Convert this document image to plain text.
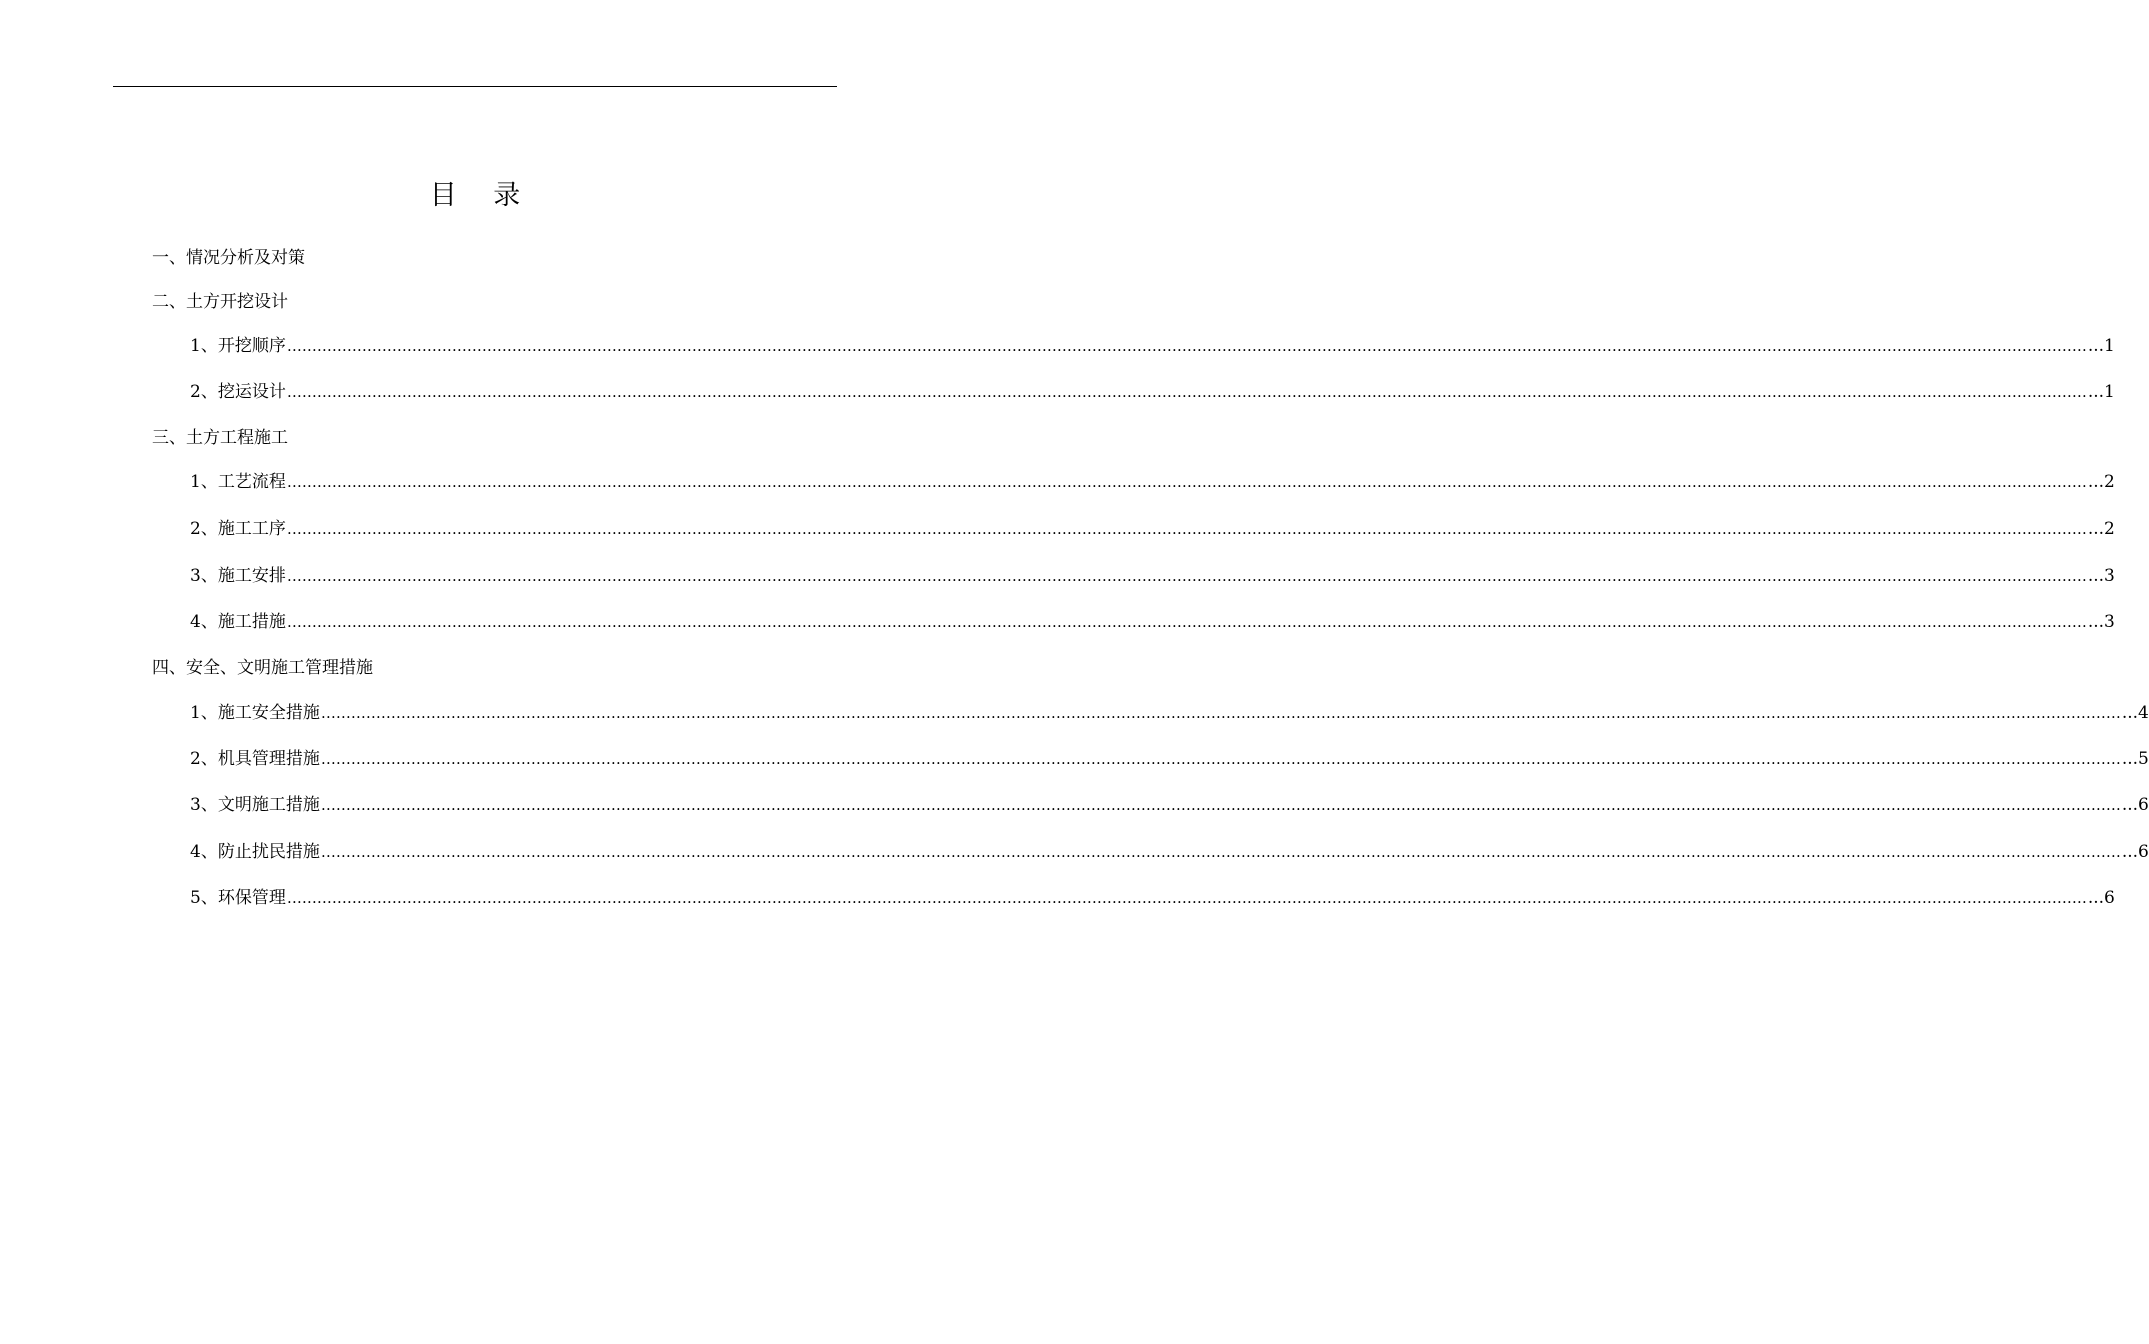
目 录
一、情况分析及对策
二、土方开挖设计
1、开挖顺序 ……………………………………………………………………………………………………………………………………………………………………………………………………………………………………………………………………………………………………………………………… ...1
2、挖运设计 ……………………………………………………………………………………………………………………………………………………………………………………………………………………………………………………………………………………………………………………………… ...1
三、土方工程施工
1、工艺流程 ……………………………………………………………………………………………………………………………………………………………………………………………………………………………………………………………………………………………………………………………… ...2
2、施工工序 ……………………………………………………………………………………………………………………………………………………………………………………………………………………………………………………………………………………………………………………………… ...2
3、施工安排 ……………………………………………………………………………………………………………………………………………………………………………………………………………………………………………………………………………………………………………………………… ...3
4、施工措施 ……………………………………………………………………………………………………………………………………………………………………………………………………………………………………………………………………………………………………………………………… ...3
四、安全、文明施工管理措施
1、施工安全措施 ……………………………………………………………………………………………………………………………………………………………………………………………………………………………………………………………………………………………………………………………… ...4
2、机具管理措施 ……………………………………………………………………………………………………………………………………………………………………………………………………………………………………………………………………………………………………………………………… ...5
3、文明施工措施 ……………………………………………………………………………………………………………………………………………………………………………………………………………………………………………………………………………………………………………………………… ...6
4、防止扰民措施 ……………………………………………………………………………………………………………………………………………………………………………………………………………………………………………………………………………………………………………………………… ...6
5、环保管理 ……………………………………………………………………………………………………………………………………………………………………………………………………………………………………………………………………………………………………………………………… ...6
